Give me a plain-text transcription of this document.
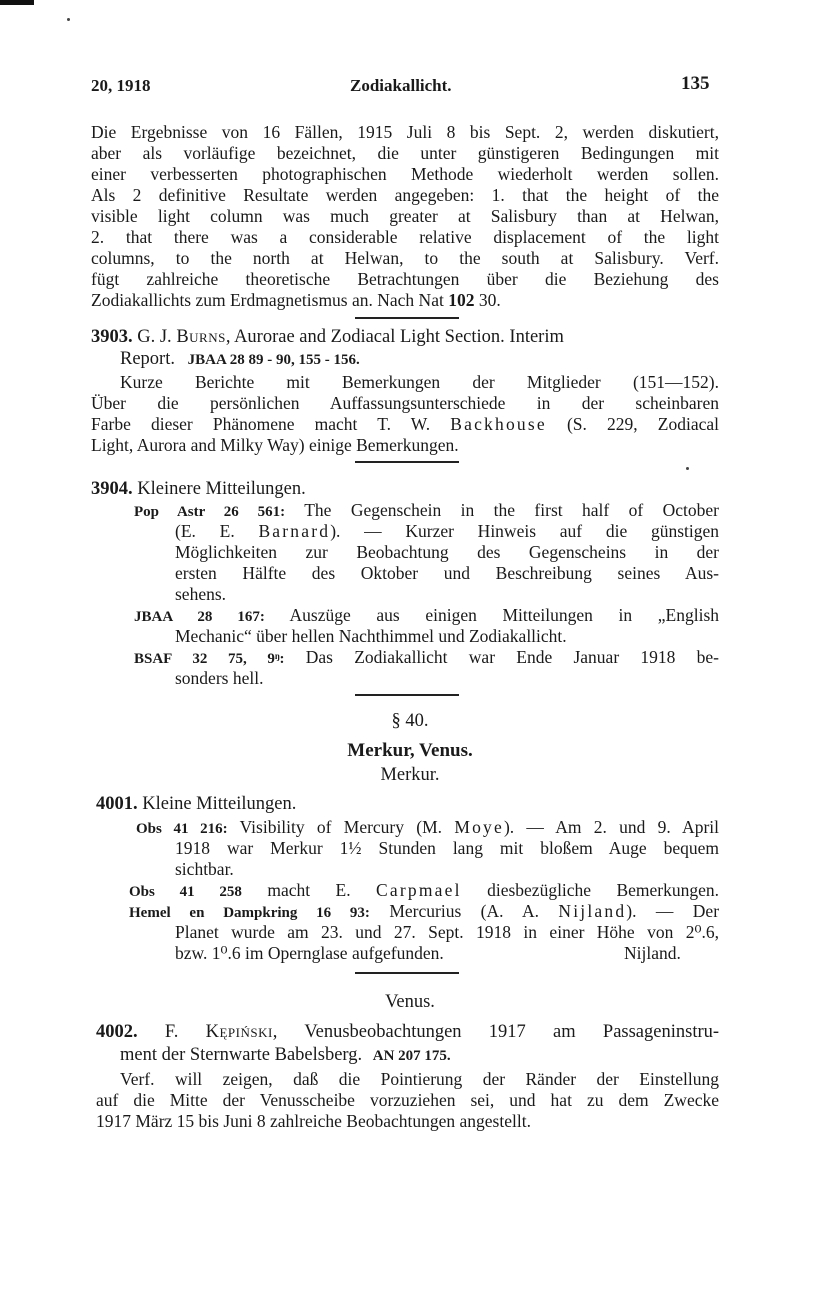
20, 1918	Zodiakallicht.	135
Die Ergebnisse von 16 Fällen, 1915 Juli 8 bis Sept. 2, werden diskutiert,
aber als vorläufige bezeichnet, die unter günstigeren Bedingungen mit
einer verbesserten photographischen Methode wiederholt werden sollen.
Als 2 definitive Resultate werden angegeben: 1. that the height of the
visible light column was much greater at Salisbury than at Helwan,
2. that there was a considerable relative displacement of the light
columns, to the north at Helwan, to the south at Salisbury. Verf.
fügt zahlreiche theoretische Betrachtungen über die Beziehung des
Zodiakallichts zum Erdmagnetismus an. Nach Nat 102 30.
3903. G. J. Burns, Aurorae and Zodiacal Light Section. Interim
Report. JBAA 28 89 - 90, 155 - 156.
Kurze Berichte mit Bemerkungen der Mitglieder (151—152).
Über die persönlichen Auffassungsunterschiede in der scheinbaren
Farbe dieser Phänomene macht T. W. Backhouse (S. 229, Zodiacal
Light, Aurora and Milky Way) einige Bemerkungen.
3904. Kleinere Mitteilungen.
Pop Astr 26 561: The Gegenschein in the first half of October
(E. E. Barnard). — Kurzer Hinweis auf die günstigen
Möglichkeiten zur Beobachtung des Gegenscheins in der
ersten Hälfte des Oktober und Beschreibung seines Aus-
sehens.
JBAA 28 167: Auszüge aus einigen Mitteilungen in „English
Mechanic“ über hellen Nachthimmel und Zodiakallicht.
BSAF 32 75, 9ᵑ: Das Zodiakallicht war Ende Januar 1918 be-
sonders hell.
§ 40.
Merkur, Venus.
Merkur.
4001. Kleine Mitteilungen.
Obs 41 216: Visibility of Mercury (M. Moye). — Am 2. und 9. April
1918 war Merkur 1½ Stunden lang mit bloßem Auge bequem
sichtbar.
Obs 41 258 macht E. Carpmael diesbezügliche Bemerkungen.
Hemel en Dampkring 16 93: Mercurius (A. A. Nijland). — Der
Planet wurde am 23. und 27. Sept. 1918 in einer Höhe von 2⁰.6,
bzw. 1⁰.6 im Opernglase aufgefunden.	Nijland.
Venus.
4002. F. Kępiński, Venusbeobachtungen 1917 am Passageninstru-
ment der Sternwarte Babelsberg. AN 207 175.
Verf. will zeigen, daß die Pointierung der Ränder der Einstellung
auf die Mitte der Venusscheibe vorzuziehen sei, und hat zu dem Zwecke
1917 März 15 bis Juni 8 zahlreiche Beobachtungen angestellt.
